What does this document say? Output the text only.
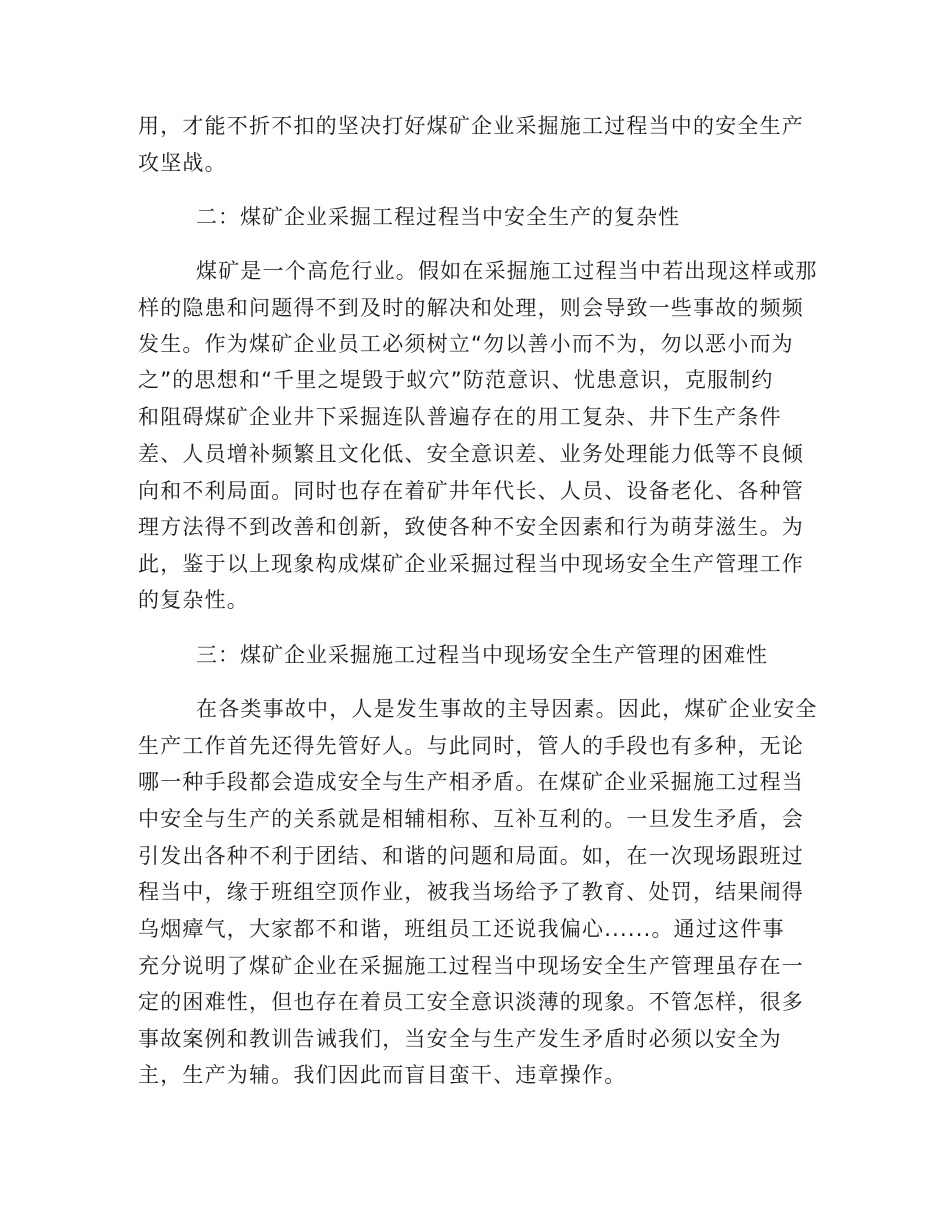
用，才能不折不扣的坚决打好煤矿企业采掘施工过程当中的安全生产
攻坚战。
二：煤矿企业采掘工程过程当中安全生产的复杂性
煤矿是一个高危行业。假如在采掘施工过程当中若出现这样或那
样的隐患和问题得不到及时的解决和处理，则会导致一些事故的频频
发生。作为煤矿企业员工必须树立“勿以善小而不为，勿以恶小而为
之”的思想和“千里之堤毁于蚁穴”防范意识、忧患意识，克服制约
和阻碍煤矿企业井下采掘连队普遍存在的用工复杂、井下生产条件
差、人员增补频繁且文化低、安全意识差、业务处理能力低等不良倾
向和不利局面。同时也存在着矿井年代长、人员、设备老化、各种管
理方法得不到改善和创新，致使各种不安全因素和行为萌芽滋生。为
此，鉴于以上现象构成煤矿企业采掘过程当中现场安全生产管理工作
的复杂性。
三：煤矿企业采掘施工过程当中现场安全生产管理的困难性
在各类事故中，人是发生事故的主导因素。因此，煤矿企业安全
生产工作首先还得先管好人。与此同时，管人的手段也有多种，无论
哪一种手段都会造成安全与生产相矛盾。在煤矿企业采掘施工过程当
中安全与生产的关系就是相辅相称、互补互利的。一旦发生矛盾，会
引发出各种不利于团结、和谐的问题和局面。如，在一次现场跟班过
程当中，缘于班组空顶作业，被我当场给予了教育、处罚，结果闹得
乌烟瘴气，大家都不和谐，班组员工还说我偏心......。通过这件事
充分说明了煤矿企业在采掘施工过程当中现场安全生产管理虽存在一
定的困难性，但也存在着员工安全意识淡薄的现象。不管怎样，很多
事故案例和教训告诫我们，当安全与生产发生矛盾时必须以安全为
主，生产为辅。我们因此而盲目蛮干、违章操作。
